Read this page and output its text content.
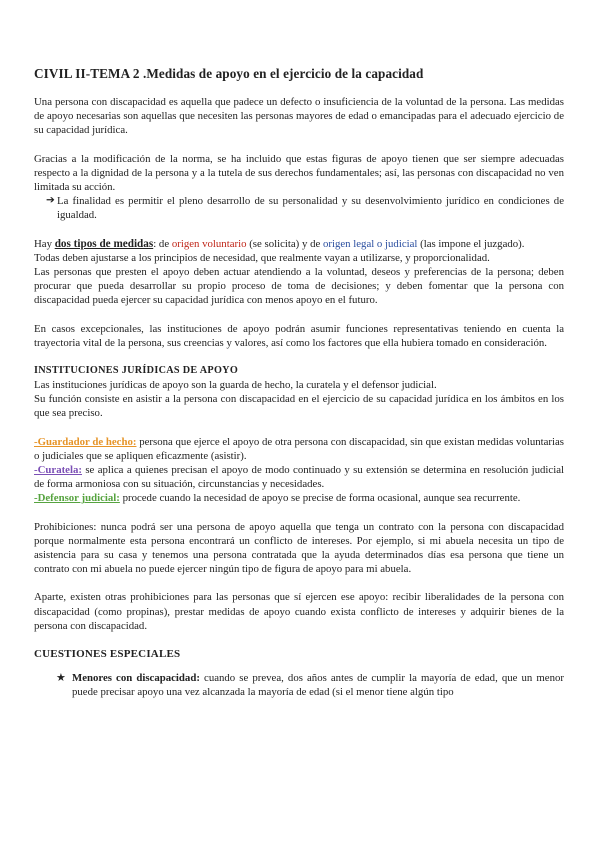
CIVIL II-TEMA 2 .Medidas de apoyo en el ejercicio de la capacidad

Una persona con discapacidad es aquella que padece un defecto o insuficiencia de la voluntad de la persona. Las medidas de apoyo necesarias son aquellas que necesiten las personas mayores de edad o emancipadas para el adecuado ejercicio de su capacidad jurídica.

Gracias a la modificación de la norma, se ha incluido que estas figuras de apoyo tienen que ser siempre adecuadas respecto a la dignidad de la persona y a la tutela de sus derechos fundamentales; así, las personas con discapacidad no ven limitada su acción.

➔ La finalidad es permitir el pleno desarrollo de su personalidad y su desenvolvimiento jurídico en condiciones de igualdad.

Hay dos tipos de medidas: de origen voluntario (se solicita) y de origen legal o judicial (las impone el juzgado).

Todas deben ajustarse a los principios de necesidad, que realmente vayan a utilizarse, y proporcionalidad.

Las personas que presten el apoyo deben actuar atendiendo a la voluntad, deseos y preferencias de la persona; deben procurar que pueda desarrollar su propio proceso de toma de decisiones; y deben fomentar que la persona con discapacidad pueda ejercer su capacidad jurídica con menos apoyo en el futuro.

En casos excepcionales, las instituciones de apoyo podrán asumir funciones representativas teniendo en cuenta la trayectoria vital de la persona, sus creencias y valores, así como los factores que ella hubiera tomado en consideración.

INSTITUCIONES JURÍDICAS DE APOYO

Las instituciones jurídicas de apoyo son la guarda de hecho, la curatela y el defensor judicial.

Su función consiste en asistir a la persona con discapacidad en el ejercicio de su capacidad jurídica en los ámbitos en los que sea preciso.

-Guardador de hecho: persona que ejerce el apoyo de otra persona con discapacidad, sin que existan medidas voluntarias o judiciales que se apliquen eficazmente (asistir).

-Curatela: se aplica a quienes precisan el apoyo de modo continuado y su extensión se determina en resolución judicial de forma armoniosa con su situación, circunstancias y necesidades.

-Defensor judicial: procede cuando la necesidad de apoyo se precise de forma ocasional, aunque sea recurrente.

Prohibiciones: nunca podrá ser una persona de apoyo aquella que tenga un contrato con la persona con discapacidad porque normalmente esta persona encontrará un conflicto de intereses. Por ejemplo, si mi abuela necesita un tipo de asistencia para su casa y tenemos una persona contratada que la ayuda determinados días esa persona que tiene un contrato con mi abuela no puede ejercer ningún tipo de figura de apoyo para mi abuela.

Aparte, existen otras prohibiciones para las personas que sí ejercen ese apoyo: recibir liberalidades de la persona con discapacidad (como propinas), prestar medidas de apoyo cuando exista conflicto de intereses y adquirir bienes de la persona con discapacidad.

CUESTIONES ESPECIALES

★ Menores con discapacidad: cuando se prevea, dos años antes de cumplir la mayoría de edad, que un menor puede precisar apoyo una vez alcanzada la mayoría de edad (si el menor tiene algún tipo
